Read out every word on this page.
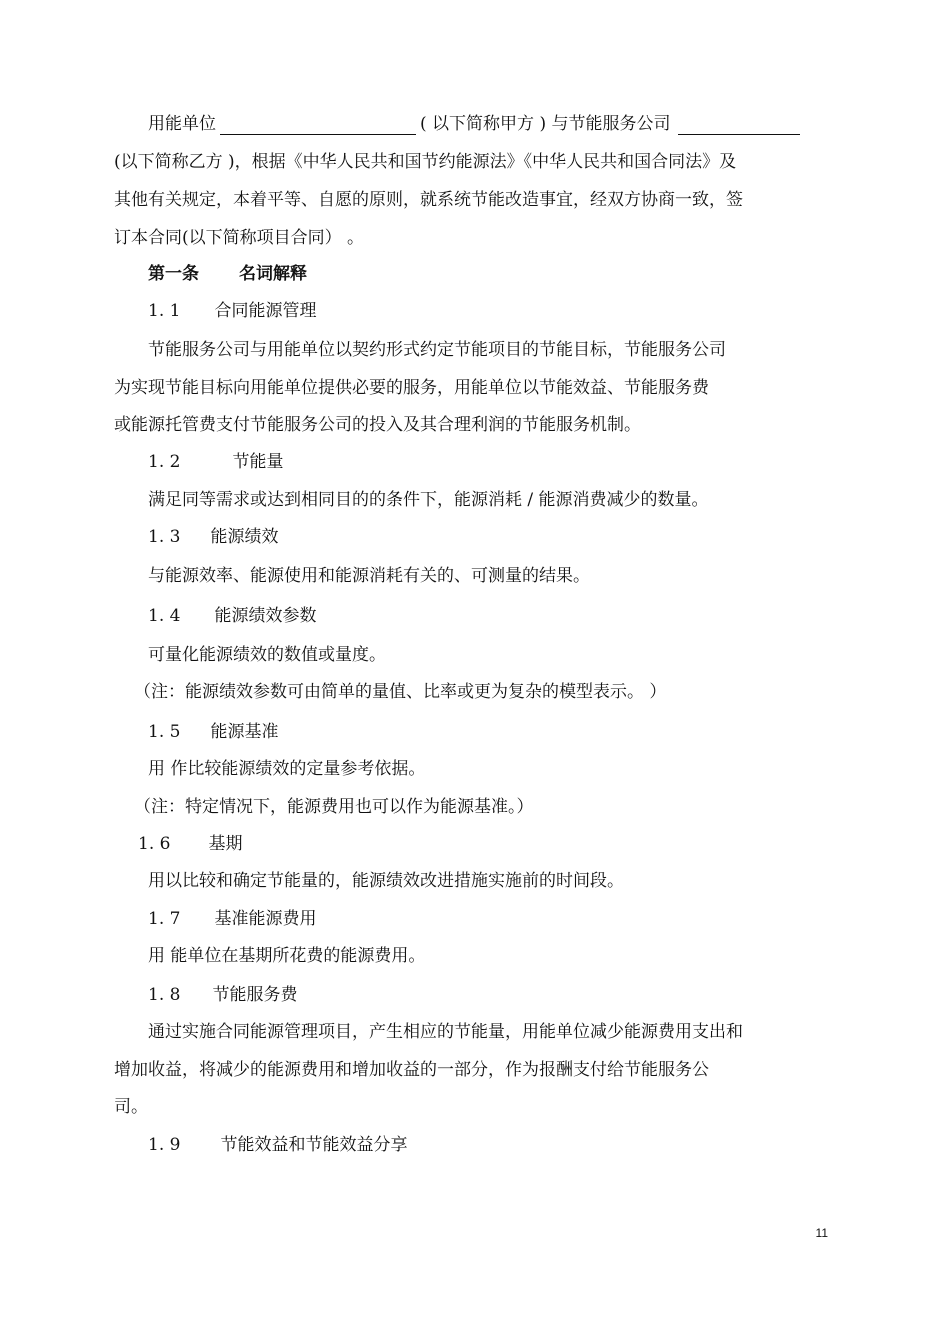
用能单位	( 以下简称甲方 ) 与节能服务公司
(以下简称乙方 )，根据《中华人民共和国节约能源法》《中华人民共和国合同法》及
其他有关规定，本着平等、自愿的原则，就系统节能改造事宜，经双方协商一致，签
订本合同(以下简称项目合同） 。
第一条 名词解释
1. 1 合同能源管理
节能服务公司与用能单位以契约形式约定节能项目的节能目标，节能服务公司
为实现节能目标向用能单位提供必要的服务，用能单位以节能效益、节能服务费
或能源托管费支付节能服务公司的投入及其合理利润的节能服务机制。
1. 2	节能量
满足同等需求或达到相同目的的条件下，能源消耗 / 能源消费减少的数量。
1. 3 能源绩效
与能源效率、能源使用和能源消耗有关的、可测量的结果。
1. 4 能源绩效参数
可量化能源绩效的数值或量度。
（注：能源绩效参数可由简单的量值、比率或更为复杂的模型表示。 ）
1. 5 能源基准
用 作比较能源绩效的定量参考依据。
（注：特定情况下，能源费用也可以作为能源基准。）
1. 6 基期
用以比较和确定节能量的，能源绩效改进措施实施前的时间段。
1. 7 基准能源费用
用 能单位在基期所花费的能源费用。
1. 8 节能服务费
通过实施合同能源管理项目，产生相应的节能量，用能单位减少能源费用支出和
增加收益，将减少的能源费用和增加收益的一部分，作为报酬支付给节能服务公
司。
1. 9 节能效益和节能效益分享
11
